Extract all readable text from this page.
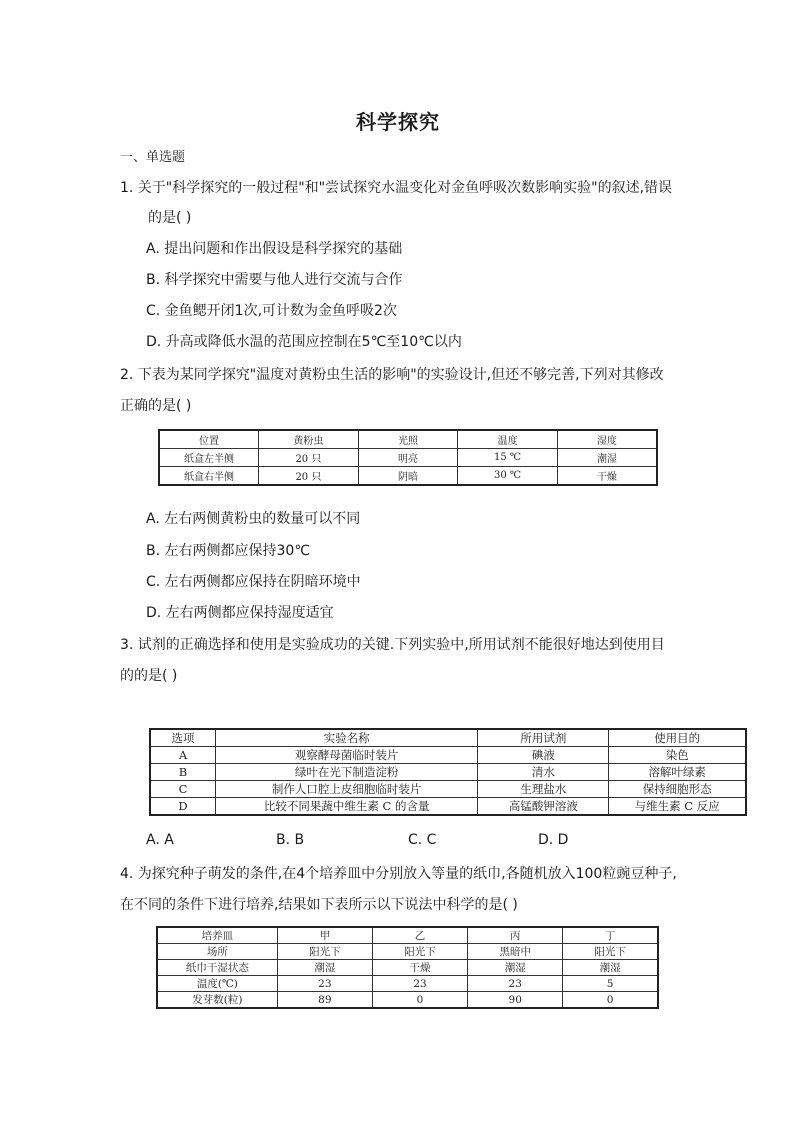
科学探究
一、单选题
1. 关于"科学探究的一般过程"和"尝试探究水温变化对金鱼呼吸次数影响实验"的叙述,错误
的是( )
A. 提出问题和作出假设是科学探究的基础
B. 科学探究中需要与他人进行交流与合作
C. 金鱼鳃开闭1次,可计数为金鱼呼吸2次
D. 升高或降低水温的范围应控制在5℃至10℃以内
2. 下表为某同学探究"温度对黄粉虫生活的影响"的实验设计,但还不够完善,下列对其修改
正确的是( )
位置	黄粉虫	光照	温度	湿度
纸盒左半侧	20 只	明亮	15 ℃	潮湿
纸盒右半侧	20 只	阴暗	30 ℃	干燥
A. 左右两侧黄粉虫的数量可以不同
B. 左右两侧都应保持30℃
C. 左右两侧都应保持在阴暗环境中
D. 左右两侧都应保持湿度适宜
3. 试剂的正确选择和使用是实验成功的关键.下列实验中,所用试剂不能很好地达到使用目
的的是( )
选项	实验名称	所用试剂	使用目的
A	观察酵母菌临时装片	碘液	染色
B	绿叶在光下制造淀粉	清水	溶解叶绿素
C	制作人口腔上皮细胞临时装片	生理盐水	保持细胞形态
D	比较不同果蔬中维生素 C 的含量	高锰酸钾溶液	与维生素 C 反应
A. A	B. B	C. C	D. D
4. 为探究种子萌发的条件,在4个培养皿中分别放入等量的纸巾,各随机放入100粒豌豆种子,
在不同的条件下进行培养,结果如下表所示以下说法中科学的是( )
培养皿	甲	乙	丙	丁
场所	阳光下	阳光下	黑暗中	阳光下
纸巾干湿状态	潮湿	干燥	潮湿	潮湿
温度(℃)	23	23	23	5
发芽数(粒)	89	0	90	0
